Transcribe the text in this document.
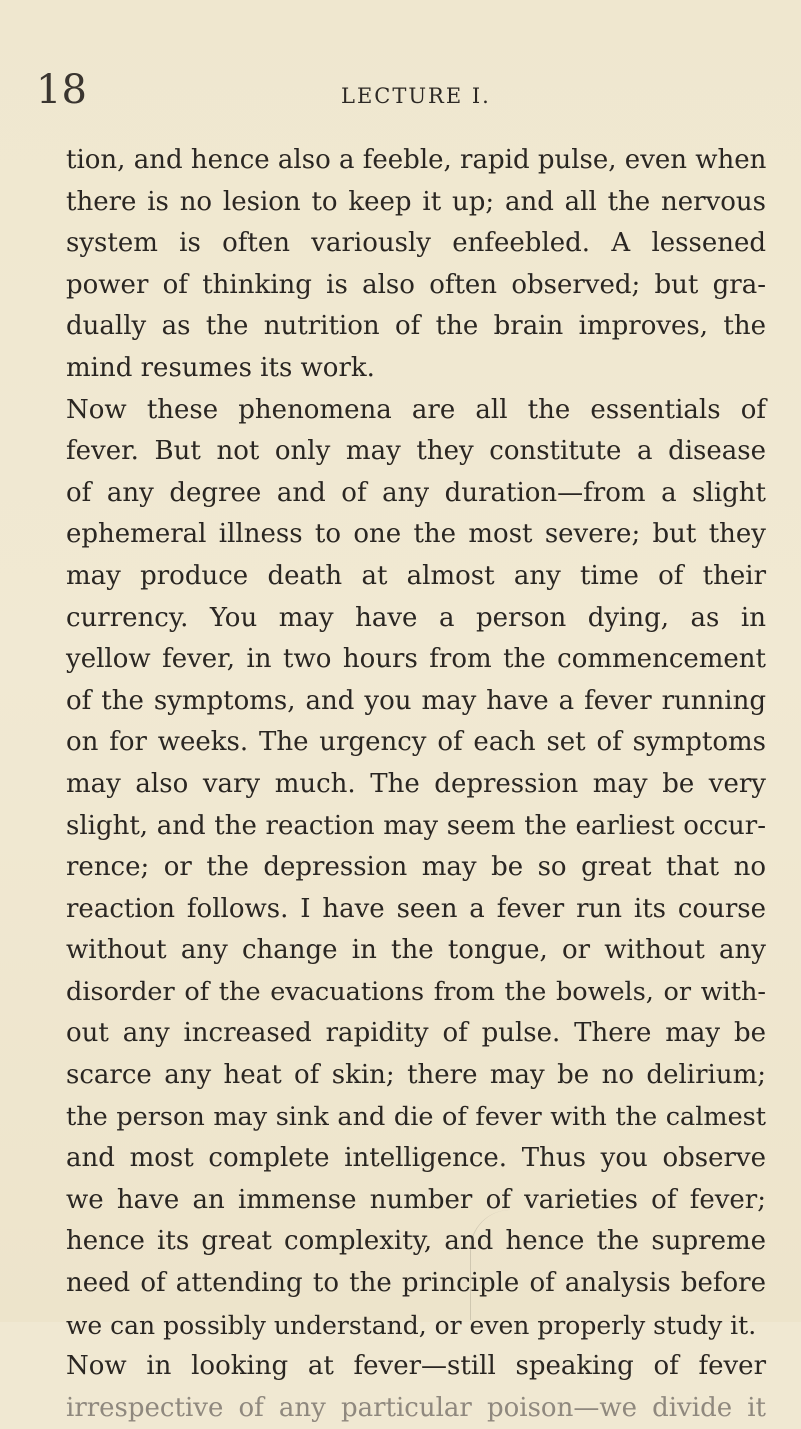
18	LECTURE I.
tion, and hence also a feeble, rapid pulse, even when
there is no lesion to keep it up; and all the nervous
system is often variously enfeebled. A lessened
power of thinking is also often observed; but gra-
dually as the nutrition of the brain improves, the
mind resumes its work.
Now these phenomena are all the essentials of
fever. But not only may they constitute a disease
of any degree and of any duration—from a slight
ephemeral illness to one the most severe; but they
may produce death at almost any time of their
currency. You may have a person dying, as in
yellow fever, in two hours from the commencement
of the symptoms, and you may have a fever running
on for weeks. The urgency of each set of symptoms
may also vary much. The depression may be very
slight, and the reaction may seem the earliest occur-
rence; or the depression may be so great that no
reaction follows. I have seen a fever run its course
without any change in the tongue, or without any
disorder of the evacuations from the bowels, or with-
out any increased rapidity of pulse. There may be
scarce any heat of skin; there may be no delirium;
the person may sink and die of fever with the calmest
and most complete intelligence. Thus you observe
we have an immense number of varieties of fever;
hence its great complexity, and hence the supreme
need of attending to the principle of analysis before
we can possibly understand, or even properly study it.
Now in looking at fever—still speaking of fever
irrespective of any particular poison—we divide it
